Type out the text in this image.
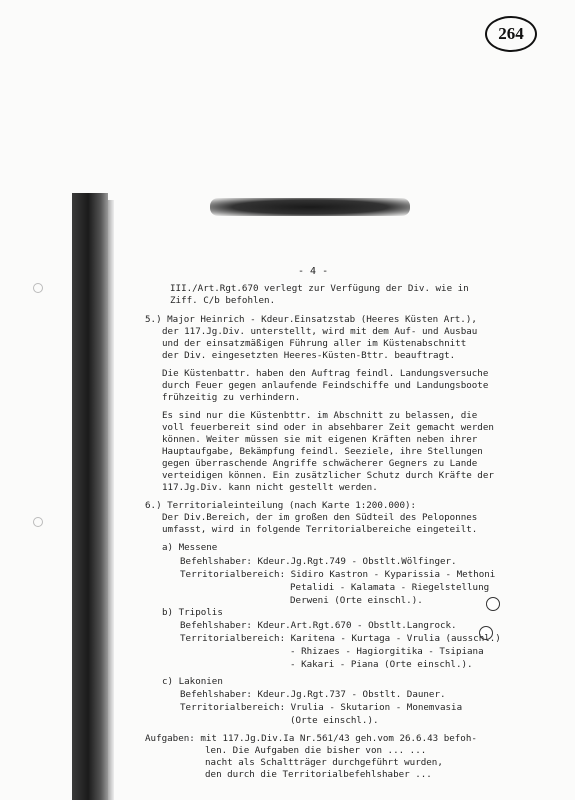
264
- 4 -
III./Art.Rgt.670 verlegt zur Verfügung der Div. wie in
Ziff. C/b befohlen.
5.) Major Heinrich - Kdeur.Einsatzstab (Heeres Küsten Art.),
der 117.Jg.Div. unterstellt, wird mit dem Auf- und Ausbau
und der einsatzmäßigen Führung aller im Küstenabschnitt
der Div. eingesetzten Heeres-Küsten-Bttr. beauftragt.
Die Küstenbattr. haben den Auftrag feindl. Landungsversuche
durch Feuer gegen anlaufende Feindschiffe und Landungsboote
frühzeitig zu verhindern.
Es sind nur die Küstenbttr. im Abschnitt zu belassen, die
voll feuerbereit sind oder in absehbarer Zeit gemacht werden
können. Weiter müssen sie mit eigenen Kräften neben ihrer
Hauptaufgabe, Bekämpfung feindl. Seeziele, ihre Stellungen
gegen überraschende Angriffe schwächerer Gegners zu Lande
verteidigen können. Ein zusätzlicher Schutz durch Kräfte der
117.Jg.Div. kann nicht gestellt werden.
6.) Territorialeinteilung (nach Karte 1:200.000):
Der Div.Bereich, der im großen den Südteil des Peloponnes
umfasst, wird in folgende Territorialbereiche eingeteilt.
a) Messene
Befehlshaber: Kdeur.Jg.Rgt.749 - Obstlt.Wölfinger.
Territorialbereich: Sidiro Kastron - Kyparissia - Methoni
Petalidi - Kalamata - Riegelstellung
Derweni (Orte einschl.).
b) Tripolis
Befehlshaber: Kdeur.Art.Rgt.670 - Obstlt.Langrock.
Territorialbereich: Karitena - Kurtaga - Vrulia (ausschl.)
- Rhizaes - Hagiorgitika - Tsipiana
- Kakari - Piana (Orte einschl.).
c) Lakonien
Befehlshaber: Kdeur.Jg.Rgt.737 - Obstlt. Dauner.
Territorialbereich: Vrulia - Skutarion - Monemvasia
(Orte einschl.).
Aufgaben: mit 117.Jg.Div.Ia Nr.561/43 geh.vom 26.6.43 befoh-
len. Die Aufgaben die bisher von ... ...
nacht als Schaltträger durchgeführt wurden,
den durch die Territorialbefehlshaber ...
